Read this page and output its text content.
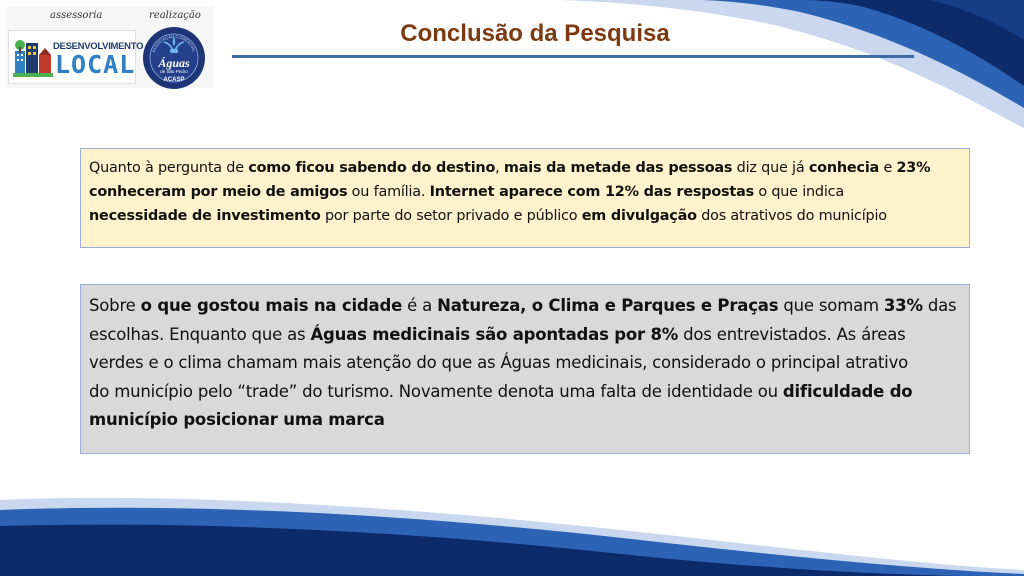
assessoria	realização
DESENVOLVIMENTO
LOCAL Águas
de São Pedro
ACASP
ASSOCIAÇÃO COMERCIAL
Conclusão da Pesquisa
Quanto à pergunta de como ficou sabendo do destino, mais da metade das pessoas diz que já conhecia e 23%
conheceram por meio de amigos ou família. Internet aparece com 12% das respostas o que indica
necessidade de investimento por parte do setor privado e público em divulgação dos atrativos do município
Sobre o que gostou mais na cidade é a Natureza, o Clima e Parques e Praças que somam 33% das
escolhas. Enquanto que as Águas medicinais são apontadas por 8% dos entrevistados. As áreas
verdes e o clima chamam mais atenção do que as Águas medicinais, considerado o principal atrativo
do município pelo “trade” do turismo. Novamente denota uma falta de identidade ou dificuldade do
município posicionar uma marca
